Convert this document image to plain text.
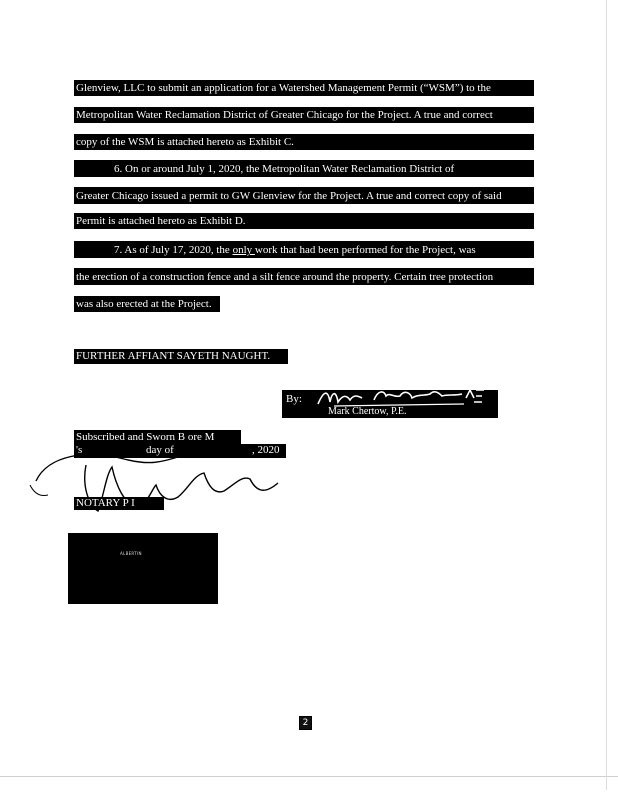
Glenview, LLC to submit an application for a Watershed Management Permit (“WSM”) to the
Metropolitan Water Reclamation District of Greater Chicago for the Project. A true and correct
copy of the WSM is attached hereto as Exhibit C.
6. On or around July 1, 2020, the Metropolitan Water Reclamation District of
Greater Chicago issued a permit to GW Glenview for the Project. A true and correct copy of said
Permit is attached hereto as Exhibit D.
7. As of July 17, 2020, the only work that had been performed for the Project, was
the erection of a construction fence and a silt fence around the property. Certain tree protection
was also erected at the Project.
FURTHER AFFIANT SAYETH NAUGHT.
By:
Mark Chertow, P.E.
Subscribed and Sworn B ore M
's	day of	, 2020
NOTARY P I
ALBERTIN
2
